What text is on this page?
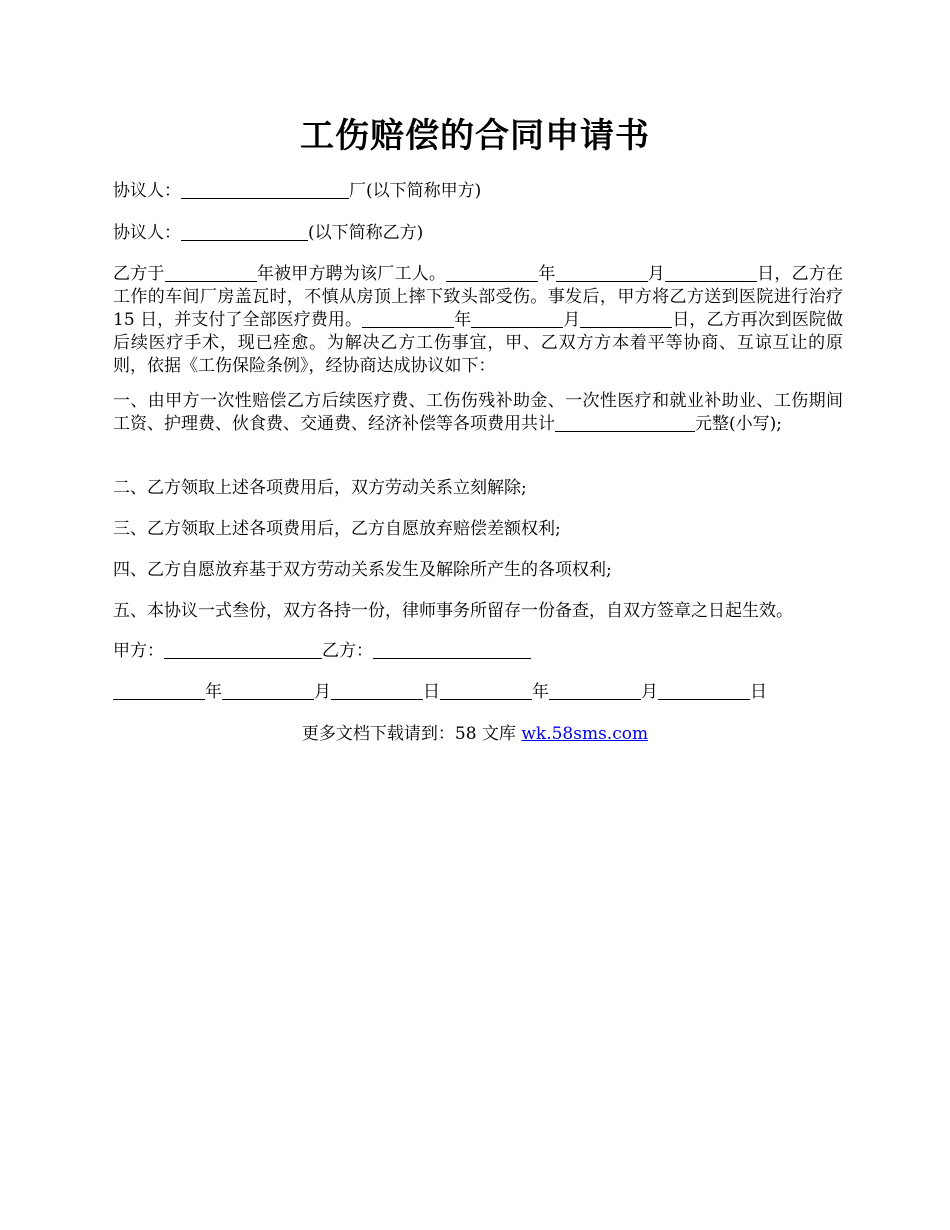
工伤赔偿的合同申请书
协议人：	厂(以下简称甲方)
协议人：	(以下简称乙方)
乙方于	年被甲方聘为该厂工人。	年	月	日，乙方在工作的车间厂房盖瓦时，不慎从房顶上摔下致头部受伤。事发后，甲方将乙方送到医院进行治疗 15 日，并支付了全部医疗费用。	年	月	日，乙方再次到医院做后续医疗手术，现已痊愈。为解决乙方工伤事宜，甲、乙双方方本着平等协商、互谅互让的原则，依据《工伤保险条例》，经协商达成协议如下：
一、由甲方一次性赔偿乙方后续医疗费、工伤伤残补助金、一次性医疗和就业补助业、工伤期间工资、护理费、伙食费、交通费、经济补偿等各项费用共计	元整(小写);
二、乙方领取上述各项费用后，双方劳动关系立刻解除;
三、乙方领取上述各项费用后，乙方自愿放弃赔偿差额权利;
四、乙方自愿放弃基于双方劳动关系发生及解除所产生的各项权利;
五、本协议一式叁份，双方各持一份，律师事务所留存一份备查，自双方签章之日起生效。
甲方：	乙方：
年	月	日	年	月	日
更多文档下载请到：58 文库 wk.58sms.com
